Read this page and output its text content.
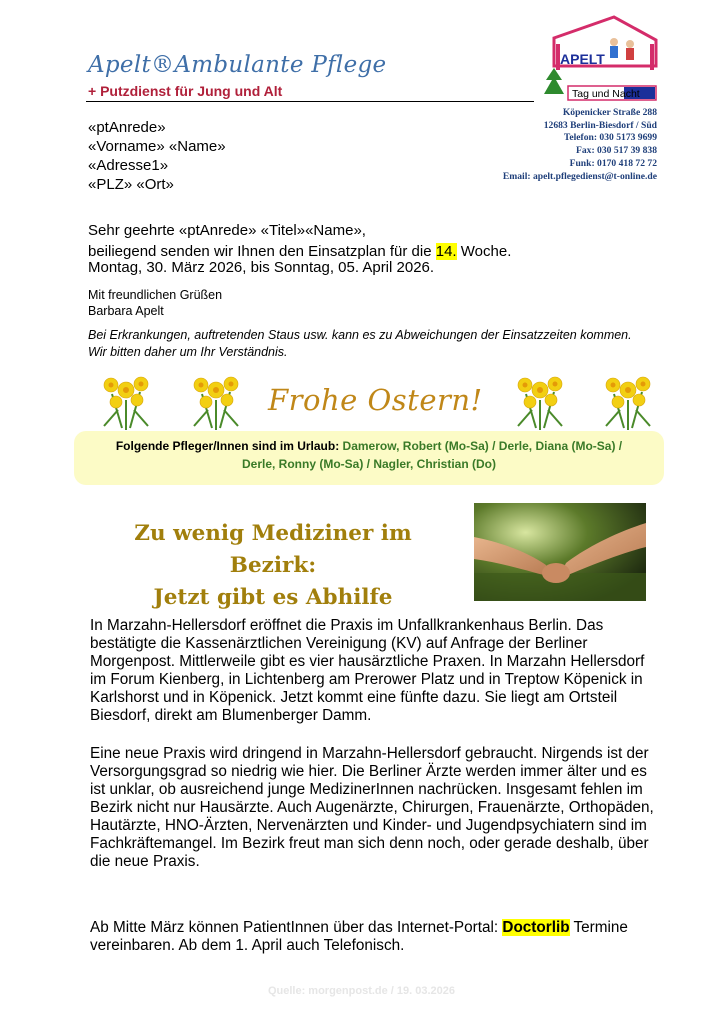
Apelt®Ambulante Pflege
+ Putzdienst für Jung und Alt
APELT
Tag und Nacht
Köpenicker Straße 288
12683 Berlin-Biesdorf / Süd
Telefon: 030 5173 9699
Fax: 030 517 39 838
Funk: 0170 418 72 72
Email: apelt.pflegedienst@t-online.de
«ptAnrede»
«Vorname» «Name»
«Adresse1»
«PLZ» «Ort»
Sehr geehrte «ptAnrede» «Titel»«Name»,
beiliegend senden wir Ihnen den Einsatzplan für die 14. Woche.
Montag, 30. März 2026, bis Sonntag, 05. April 2026.
Mit freundlichen Grüßen
Barbara Apelt
Bei Erkrankungen, auftretenden Staus usw. kann es zu Abweichungen der Einsatzzeiten kommen. Wir bitten daher um Ihr Verständnis.
Frohe Ostern!
Folgende Pfleger/Innen sind im Urlaub: Damerow, Robert (Mo-Sa) / Derle, Diana (Mo-Sa) /
Derle, Ronny (Mo-Sa) / Nagler, Christian (Do)
Zu wenig Mediziner im Bezirk:
Jetzt gibt es Abhilfe
In Marzahn-Hellersdorf eröffnet die Praxis im Unfallkrankenhaus Berlin. Das bestätigte die Kassenärztlichen Vereinigung (KV) auf Anfrage der Berliner Morgenpost. Mittlerweile gibt es vier hausärztliche Praxen. In Marzahn Hellersdorf im Forum Kienberg, in Lichtenberg am Prerower Platz und in Treptow Köpenick in Karlshorst und in Köpenick. Jetzt kommt eine fünfte dazu. Sie liegt am Ortsteil Biesdorf, direkt am Blumenberger Damm.
Eine neue Praxis wird dringend in Marzahn-Hellersdorf gebraucht. Nirgends ist der Versorgungsgrad so niedrig wie hier. Die Berliner Ärzte werden immer älter und es ist unklar, ob ausreichend junge MedizinerInnen nachrücken. Insgesamt fehlen im Bezirk nicht nur Hausärzte. Auch Augenärzte, Chirurgen, Frauenärzte, Orthopäden, Hautärzte, HNO-Ärzten, Nervenärzten und Kinder- und Jugendpsychiatern sind im Fachkräftemangel. Im Bezirk freut man sich denn noch, oder gerade deshalb, über die neue Praxis.
Ab Mitte März können PatientInnen über das Internet-Portal: Doctorlib Termine vereinbaren. Ab dem 1. April auch Telefonisch.
Quelle: morgenpost.de / 19. 03.2026
